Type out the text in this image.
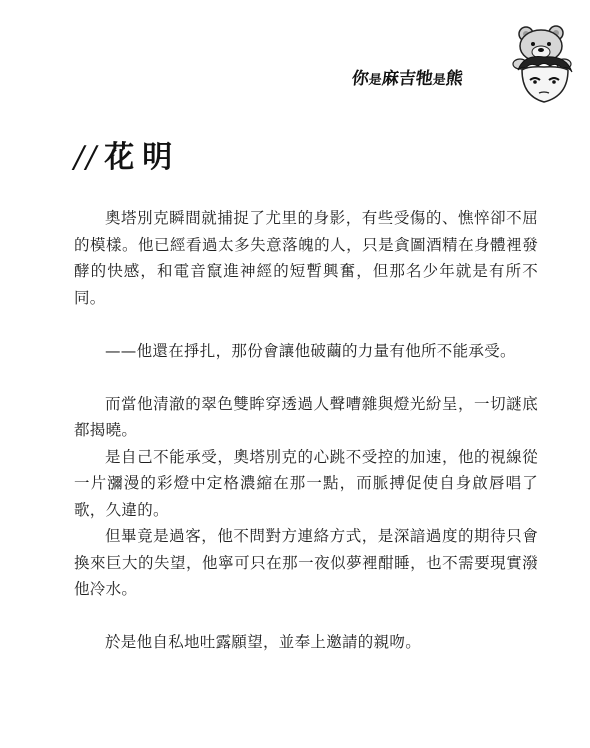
你是麻吉牠是熊
// 花明

奧塔別克瞬間就捕捉了尤里的身影，有些受傷的、憔悴卻不屈的模樣。他已經看過太多失意落魄的人，只是貪圖酒精在身體裡發酵的快感，和電音竄進神經的短暫興奮，但那名少年就是有所不同。

——他還在掙扎，那份會讓他破繭的力量有他所不能承受。

而當他清澈的翠色雙眸穿透過人聲嘈雜與燈光紛呈，一切謎底都揭曉。

是自己不能承受，奧塔別克的心跳不受控的加速，他的視線從一片瀰漫的彩燈中定格濃縮在那一點，而脈搏促使自身啟唇唱了歌，久違的。

但畢竟是過客，他不問對方連絡方式，是深諳過度的期待只會換來巨大的失望，他寧可只在那一夜似夢裡酣睡，也不需要現實潑他冷水。

於是他自私地吐露願望，並奉上邀請的親吻。
